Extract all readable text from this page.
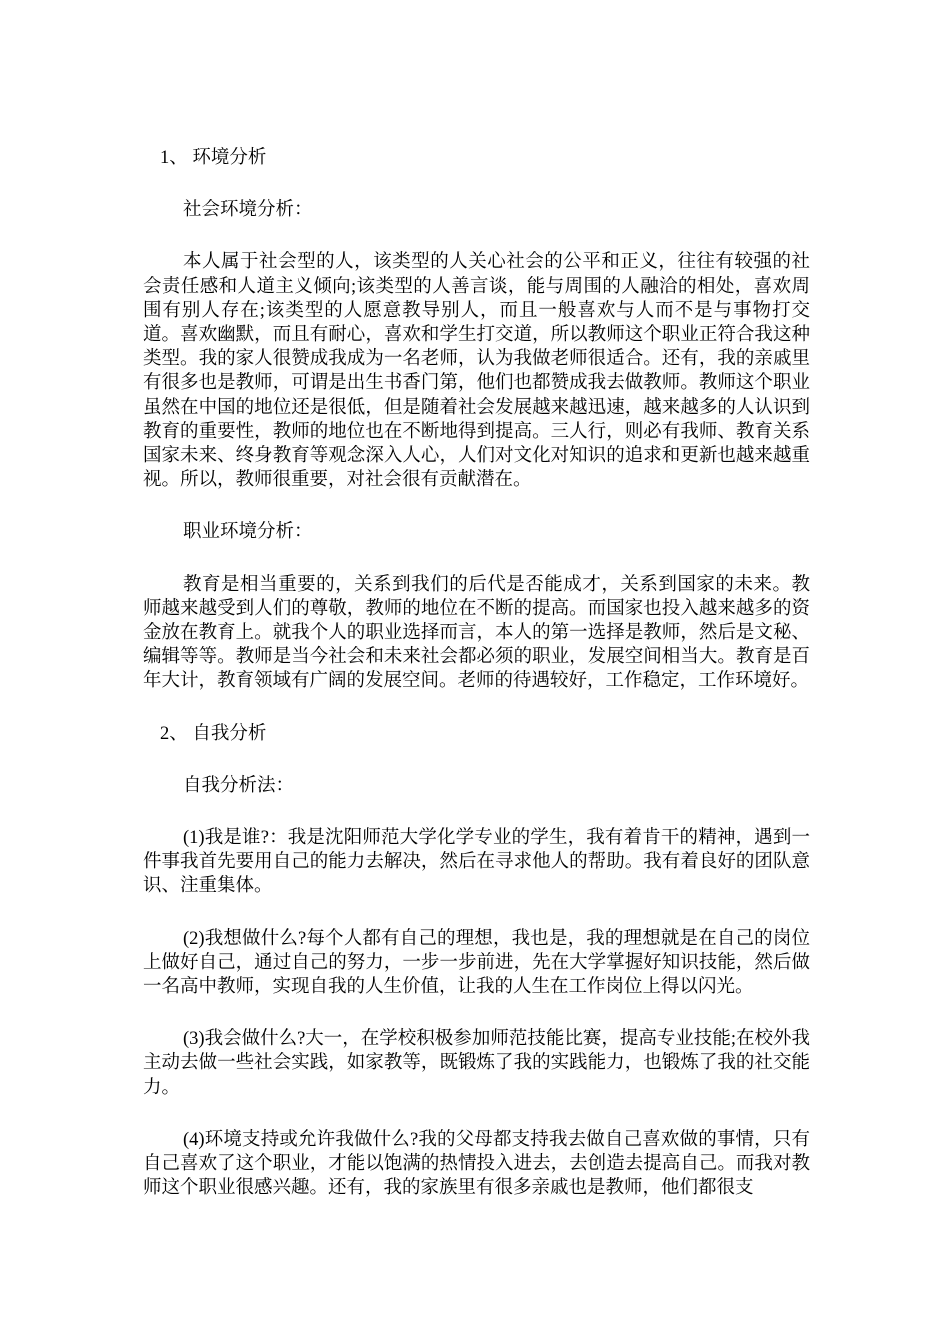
1、 环境分析

社会环境分析：

本人属于社会型的人，该类型的人关心社会的公平和正义，往往有较强的社会责任感和人道主义倾向;该类型的人善言谈，能与周围的人融洽的相处，喜欢周围有别人存在;该类型的人愿意教导别人，而且一般喜欢与人而不是与事物打交道。喜欢幽默，而且有耐心，喜欢和学生打交道，所以教师这个职业正符合我这种类型。我的家人很赞成我成为一名老师，认为我做老师很适合。还有，我的亲戚里有很多也是教师，可谓是出生书香门第，他们也都赞成我去做教师。教师这个职业虽然在中国的地位还是很低，但是随着社会发展越来越迅速，越来越多的人认识到教育的重要性，教师的地位也在不断地得到提高。三人行，则必有我师、教育关系国家未来、终身教育等观念深入人心，人们对文化对知识的追求和更新也越来越重视。所以，教师很重要，对社会很有贡献潜在。

职业环境分析：

教育是相当重要的，关系到我们的后代是否能成才，关系到国家的未来。教师越来越受到人们的尊敬，教师的地位在不断的提高。而国家也投入越来越多的资金放在教育上。就我个人的职业选择而言，本人的第一选择是教师，然后是文秘、编辑等等。教师是当今社会和未来社会都必须的职业，发展空间相当大。教育是百年大计，教育领域有广阔的发展空间。老师的待遇较好，工作稳定，工作环境好。

2、 自我分析

自我分析法：

(1)我是谁?：我是沈阳师范大学化学专业的学生，我有着肯干的精神，遇到一件事我首先要用自己的能力去解决，然后在寻求他人的帮助。我有着良好的团队意识、注重集体。

(2)我想做什么?每个人都有自己的理想，我也是，我的理想就是在自己的岗位上做好自己，通过自己的努力，一步一步前进，先在大学掌握好知识技能，然后做一名高中教师，实现自我的人生价值，让我的人生在工作岗位上得以闪光。

(3)我会做什么?大一，在学校积极参加师范技能比赛，提高专业技能;在校外我主动去做一些社会实践，如家教等，既锻炼了我的实践能力，也锻炼了我的社交能力。

(4)环境支持或允许我做什么?我的父母都支持我去做自己喜欢做的事情，只有自己喜欢了这个职业，才能以饱满的热情投入进去，去创造去提高自己。而我对教师这个职业很感兴趣。还有，我的家族里有很多亲戚也是教师，他们都很支
